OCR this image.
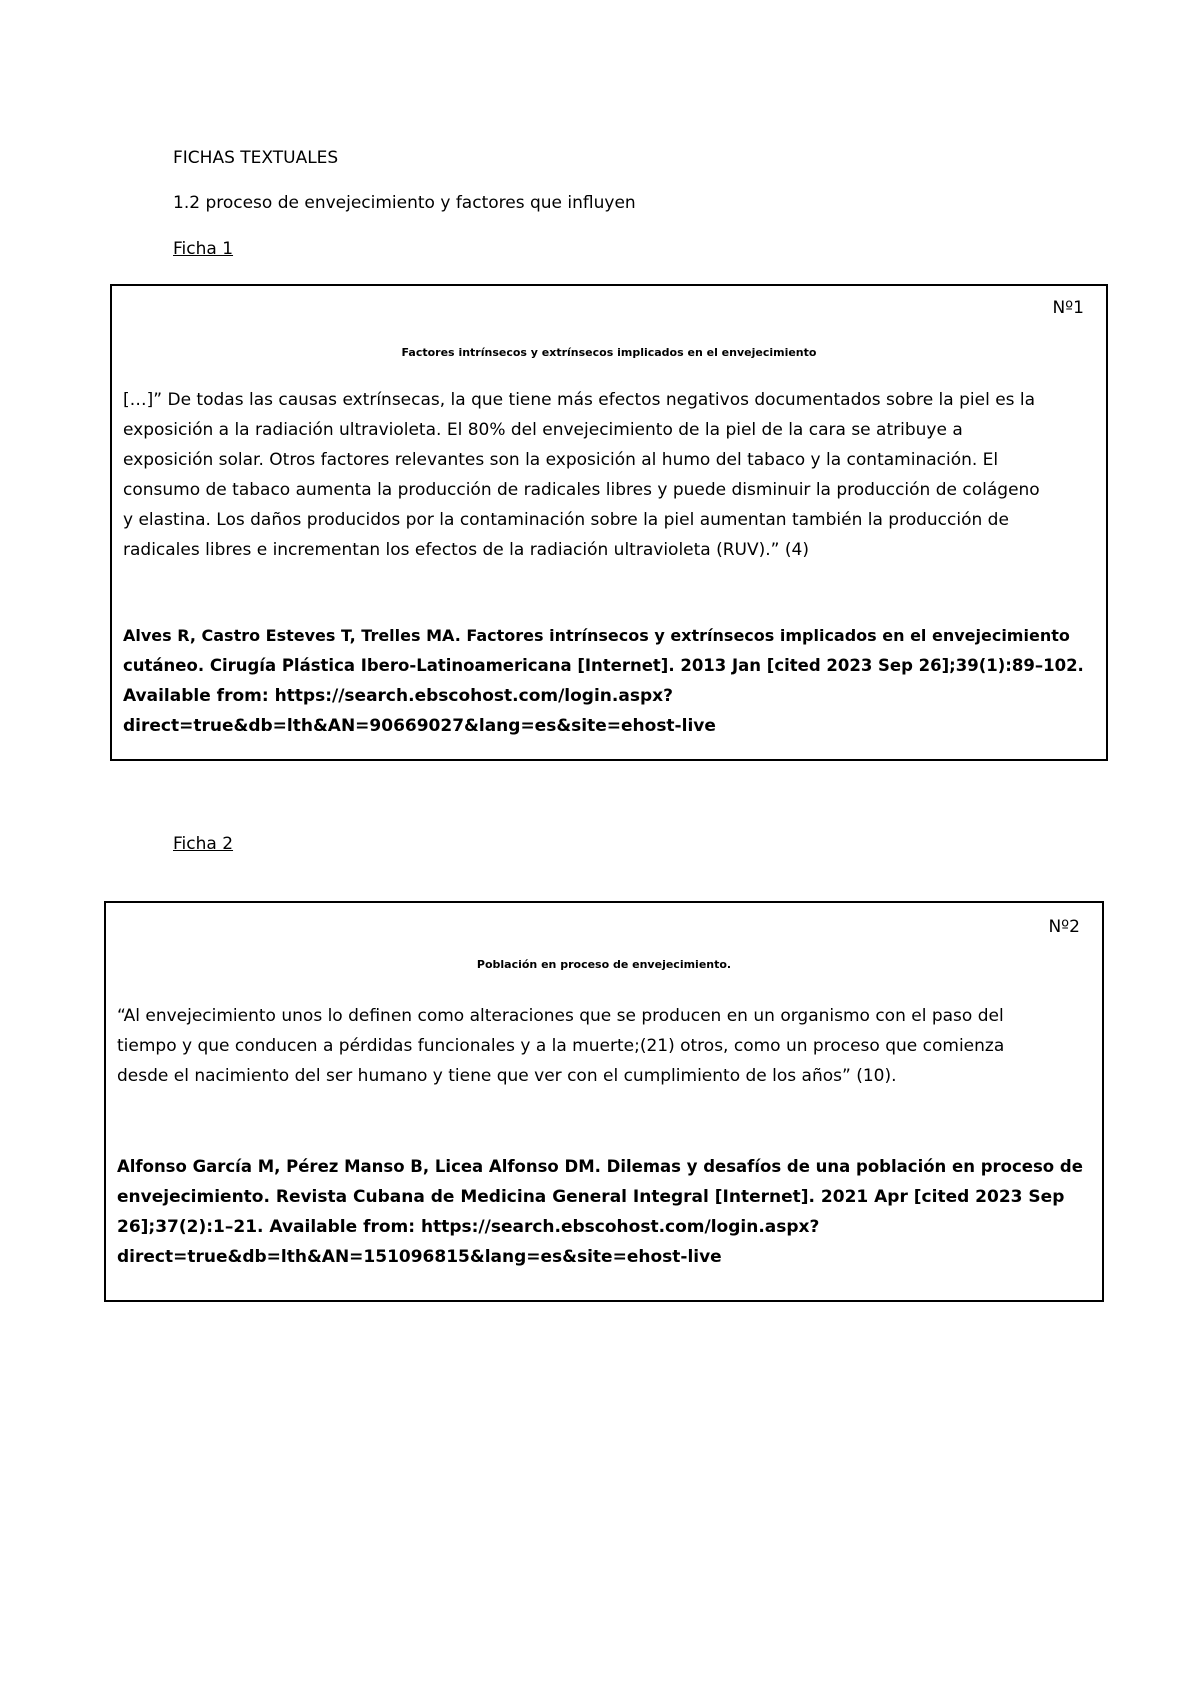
FICHAS TEXTUALES
1.2 proceso de envejecimiento y factores que influyen
Ficha 1
Nº1
Factores intrínsecos y extrínsecos implicados en el envejecimiento
[…]” De todas las causas extrínsecas, la que tiene más efectos negativos documentados sobre la piel es la
exposición a la radiación ultravioleta. El 80% del envejecimiento de la piel de la cara se atribuye a
exposición solar. Otros factores relevantes son la exposición al humo del tabaco y la contaminación. El
consumo de tabaco aumenta la producción de radicales libres y puede disminuir la producción de colágeno
y elastina. Los daños producidos por la contaminación sobre la piel aumentan también la producción de
radicales libres e incrementan los efectos de la radiación ultravioleta (RUV).” (4)
Alves R, Castro Esteves T, Trelles MA. Factores intrínsecos y extrínsecos implicados en el envejecimiento
cutáneo. Cirugía Plástica Ibero-Latinoamericana [Internet]. 2013 Jan [cited 2023 Sep 26];39(1):89–102.
Available from: https://search.ebscohost.com/login.aspx?
direct=true&db=lth&AN=90669027&lang=es&site=ehost-live
Ficha 2
Nº2
Población en proceso de envejecimiento.
“Al envejecimiento unos lo definen como alteraciones que se producen en un organismo con el paso del
tiempo y que conducen a pérdidas funcionales y a la muerte;(21) otros, como un proceso que comienza
desde el nacimiento del ser humano y tiene que ver con el cumplimiento de los años” (10).
Alfonso García M, Pérez Manso B, Licea Alfonso DM. Dilemas y desafíos de una población en proceso de
envejecimiento. Revista Cubana de Medicina General Integral [Internet]. 2021 Apr [cited 2023 Sep
26];37(2):1–21. Available from: https://search.ebscohost.com/login.aspx?
direct=true&db=lth&AN=151096815&lang=es&site=ehost-live
